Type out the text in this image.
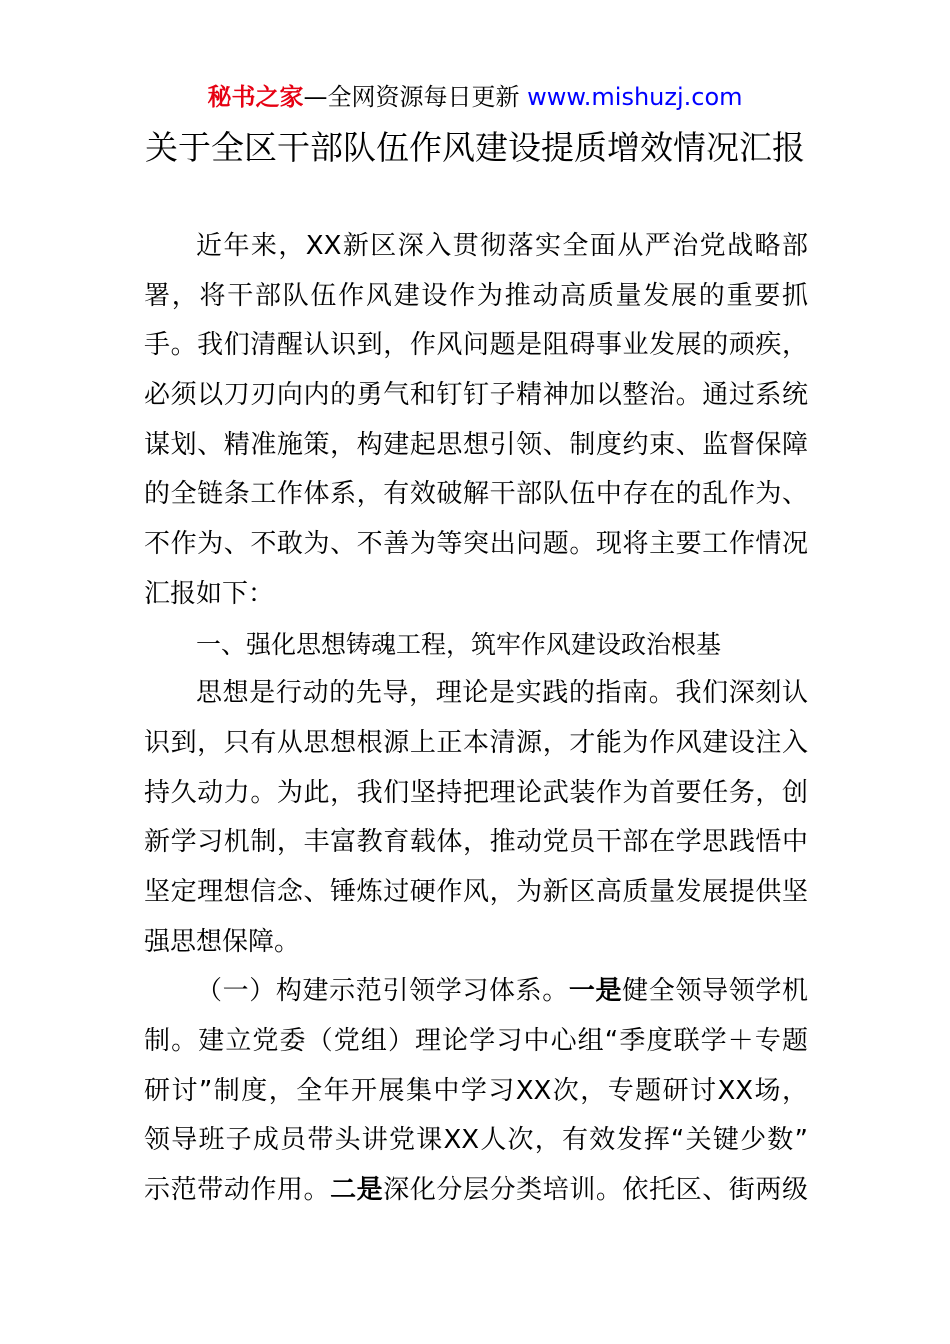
秘书之家—全网资源每日更新 www.mishuzj.com
关于全区干部队伍作风建设提质增效情况汇报
近年来，XX新区深入贯彻落实全面从严治党战略部
署，将干部队伍作风建设作为推动高质量发展的重要抓
手。我们清醒认识到，作风问题是阻碍事业发展的顽疾，
必须以刀刃向内的勇气和钉钉子精神加以整治。通过系统
谋划、精准施策，构建起思想引领、制度约束、监督保障
的全链条工作体系，有效破解干部队伍中存在的乱作为、
不作为、不敢为、不善为等突出问题。现将主要工作情况
汇报如下：
一、强化思想铸魂工程，筑牢作风建设政治根基
思想是行动的先导，理论是实践的指南。我们深刻认
识到，只有从思想根源上正本清源，才能为作风建设注入
持久动力。为此，我们坚持把理论武装作为首要任务，创
新学习机制，丰富教育载体，推动党员干部在学思践悟中
坚定理想信念、锤炼过硬作风，为新区高质量发展提供坚
强思想保障。
（一）构建示范引领学习体系。一是健全领导领学机
制。建立党委（党组）理论学习中心组“季度联学＋专题
研讨”制度，全年开展集中学习XX次，专题研讨XX场，
领导班子成员带头讲党课XX人次，有效发挥“关键少数”
示范带动作用。二是深化分层分类培训。依托区、街两级
